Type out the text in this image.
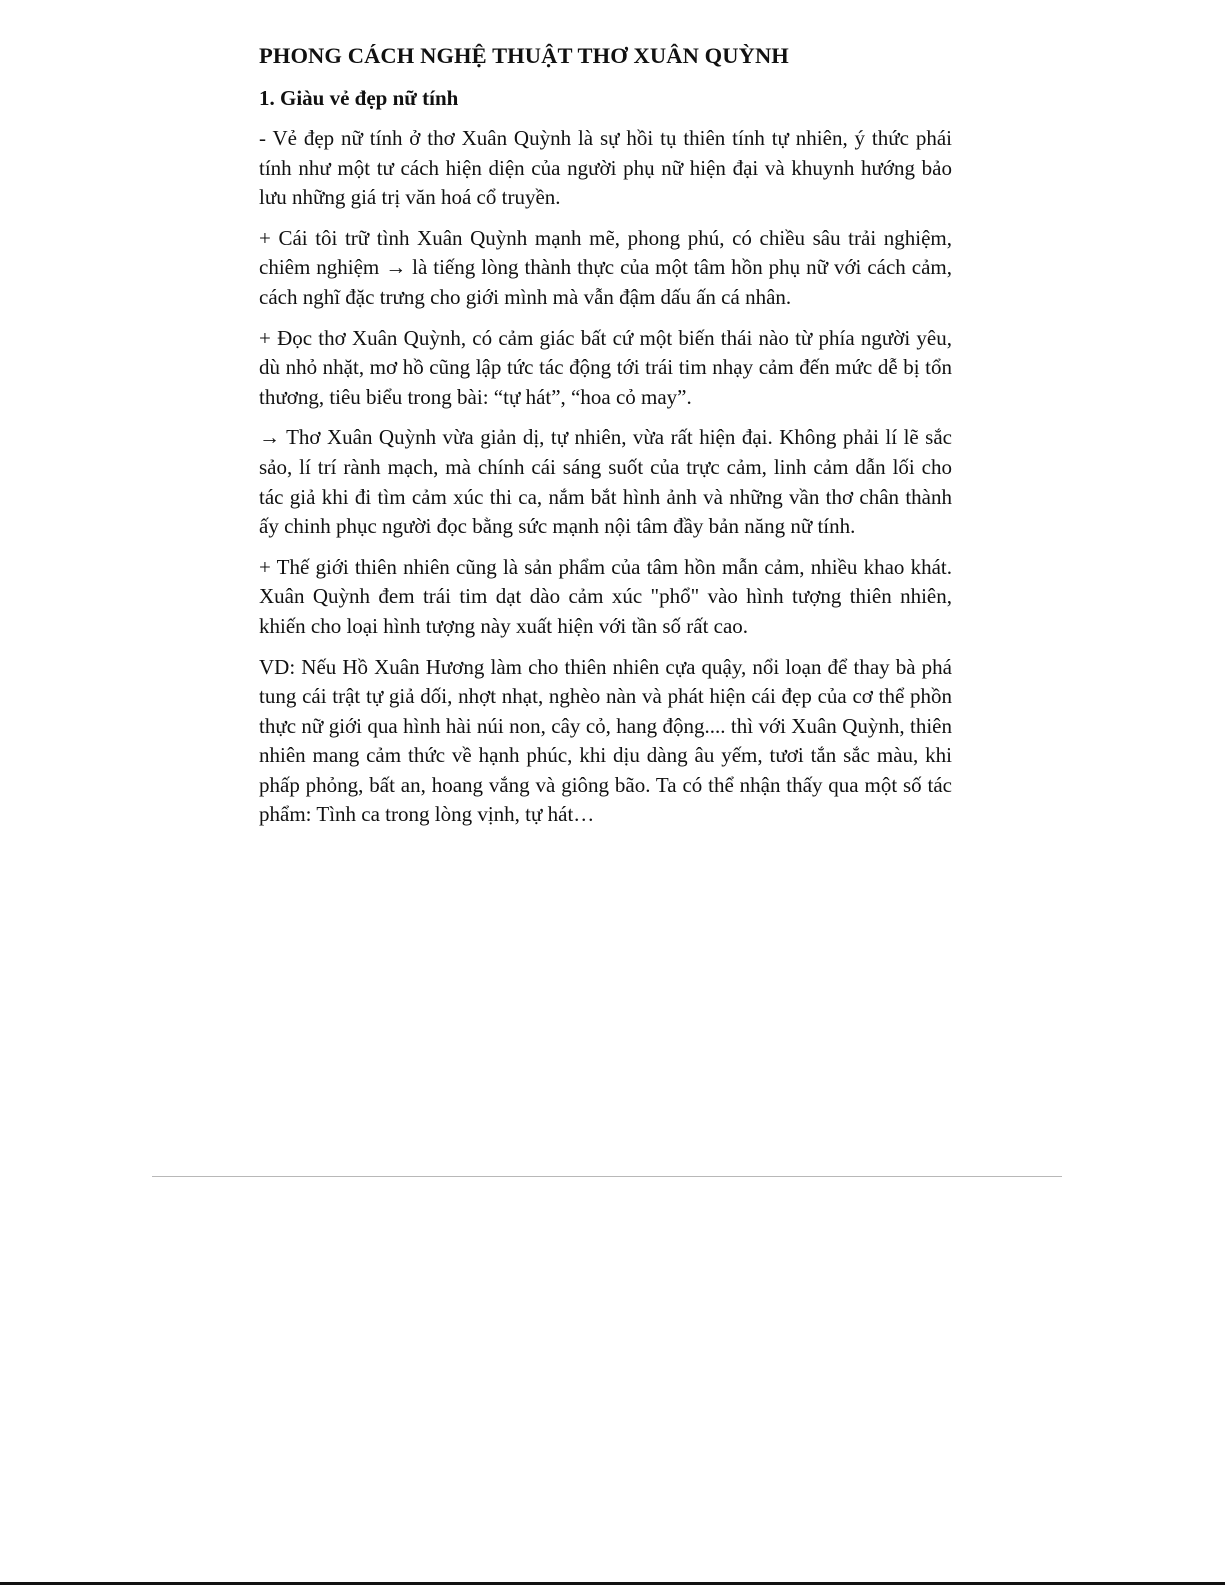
PHONG CÁCH NGHỆ THUẬT THƠ XUÂN QUỲNH
1. Giàu vẻ đẹp nữ tính

- Vẻ đẹp nữ tính ở thơ Xuân Quỳnh là sự hồi tụ thiên tính tự nhiên, ý thức phái tính như một tư cách hiện diện của người phụ nữ hiện đại và khuynh hướng bảo lưu những giá trị văn hoá cổ truyền.

+ Cái tôi trữ tình Xuân Quỳnh mạnh mẽ, phong phú, có chiều sâu trải nghiệm, chiêm nghiệm → là tiếng lòng thành thực của một tâm hồn phụ nữ với cách cảm, cách nghĩ đặc trưng cho giới mình mà vẫn đậm dấu ấn cá nhân.

+ Đọc thơ Xuân Quỳnh, có cảm giác bất cứ một biến thái nào từ phía người yêu, dù nhỏ nhặt, mơ hồ cũng lập tức tác động tới trái tim nhạy cảm đến mức dễ bị tổn thương, tiêu biểu trong bài: “tự hát”, “hoa cỏ may”.

→ Thơ Xuân Quỳnh vừa giản dị, tự nhiên, vừa rất hiện đại. Không phải lí lẽ sắc sảo, lí trí rành mạch, mà chính cái sáng suốt của trực cảm, linh cảm dẫn lối cho tác giả khi đi tìm cảm xúc thi ca, nắm bắt hình ảnh và những vần thơ chân thành ấy chinh phục người đọc bằng sức mạnh nội tâm đầy bản năng nữ tính.

+ Thế giới thiên nhiên cũng là sản phẩm của tâm hồn mẫn cảm, nhiều khao khát. Xuân Quỳnh đem trái tim dạt dào cảm xúc "phổ" vào hình tượng thiên nhiên, khiến cho loại hình tượng này xuất hiện với tần số rất cao.

VD: Nếu Hồ Xuân Hương làm cho thiên nhiên cựa quậy, nổi loạn để thay bà phá tung cái trật tự giả dối, nhợt nhạt, nghèo nàn và phát hiện cái đẹp của cơ thể phồn thực nữ giới qua hình hài núi non, cây cỏ, hang động.... thì với Xuân Quỳnh, thiên nhiên mang cảm thức về hạnh phúc, khi dịu dàng âu yếm, tươi tắn sắc màu, khi phấp phỏng, bất an, hoang vắng và giông bão. Ta có thể nhận thấy qua một số tác phẩm: Tình ca trong lòng vịnh, tự hát…
